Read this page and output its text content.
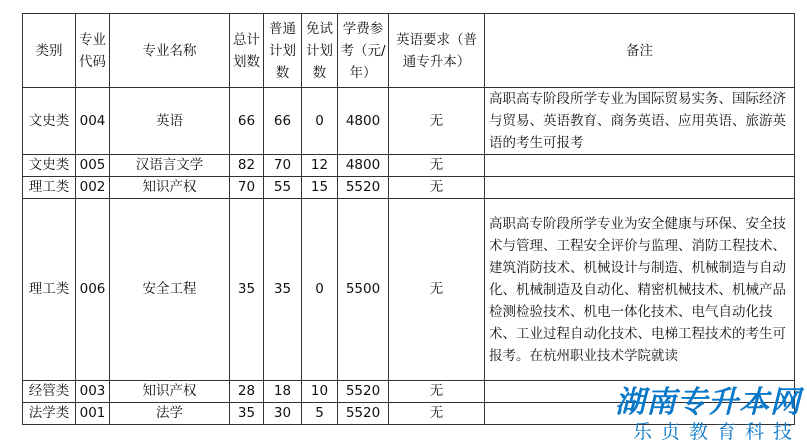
类别	专业代码	专业名称	总计划数	普通计划数	免试计划数	学费参考（元/年）	英语要求（普通专升本）	备注
文史类	004	英语	66	66	0	4800	无	高职高专阶段所学专业为国际贸易实务、国际经济与贸易、英语教育、商务英语、应用英语、旅游英语的考生可报考
文史类	005	汉语言文学	82	70	12	4800	无	
理工类	002	知识产权	70	55	15	5520	无	
理工类	006	安全工程	35	35	0	5500	无	高职高专阶段所学专业为安全健康与环保、安全技术与管理、工程安全评价与监理、消防工程技术、建筑消防技术、机械设计与制造、机械制造与自动化、机械制造及自动化、精密机械技术、机械产品检测检验技术、机电一体化技术、电气自动化技术、工业过程自动化技术、电梯工程技术的考生可报考。在杭州职业技术学院就读
经管类	003	知识产权	28	18	10	5520	无	
法学类	001	法学	35	30	5	5520	无		湖南专升本网
乐贞教育科技
